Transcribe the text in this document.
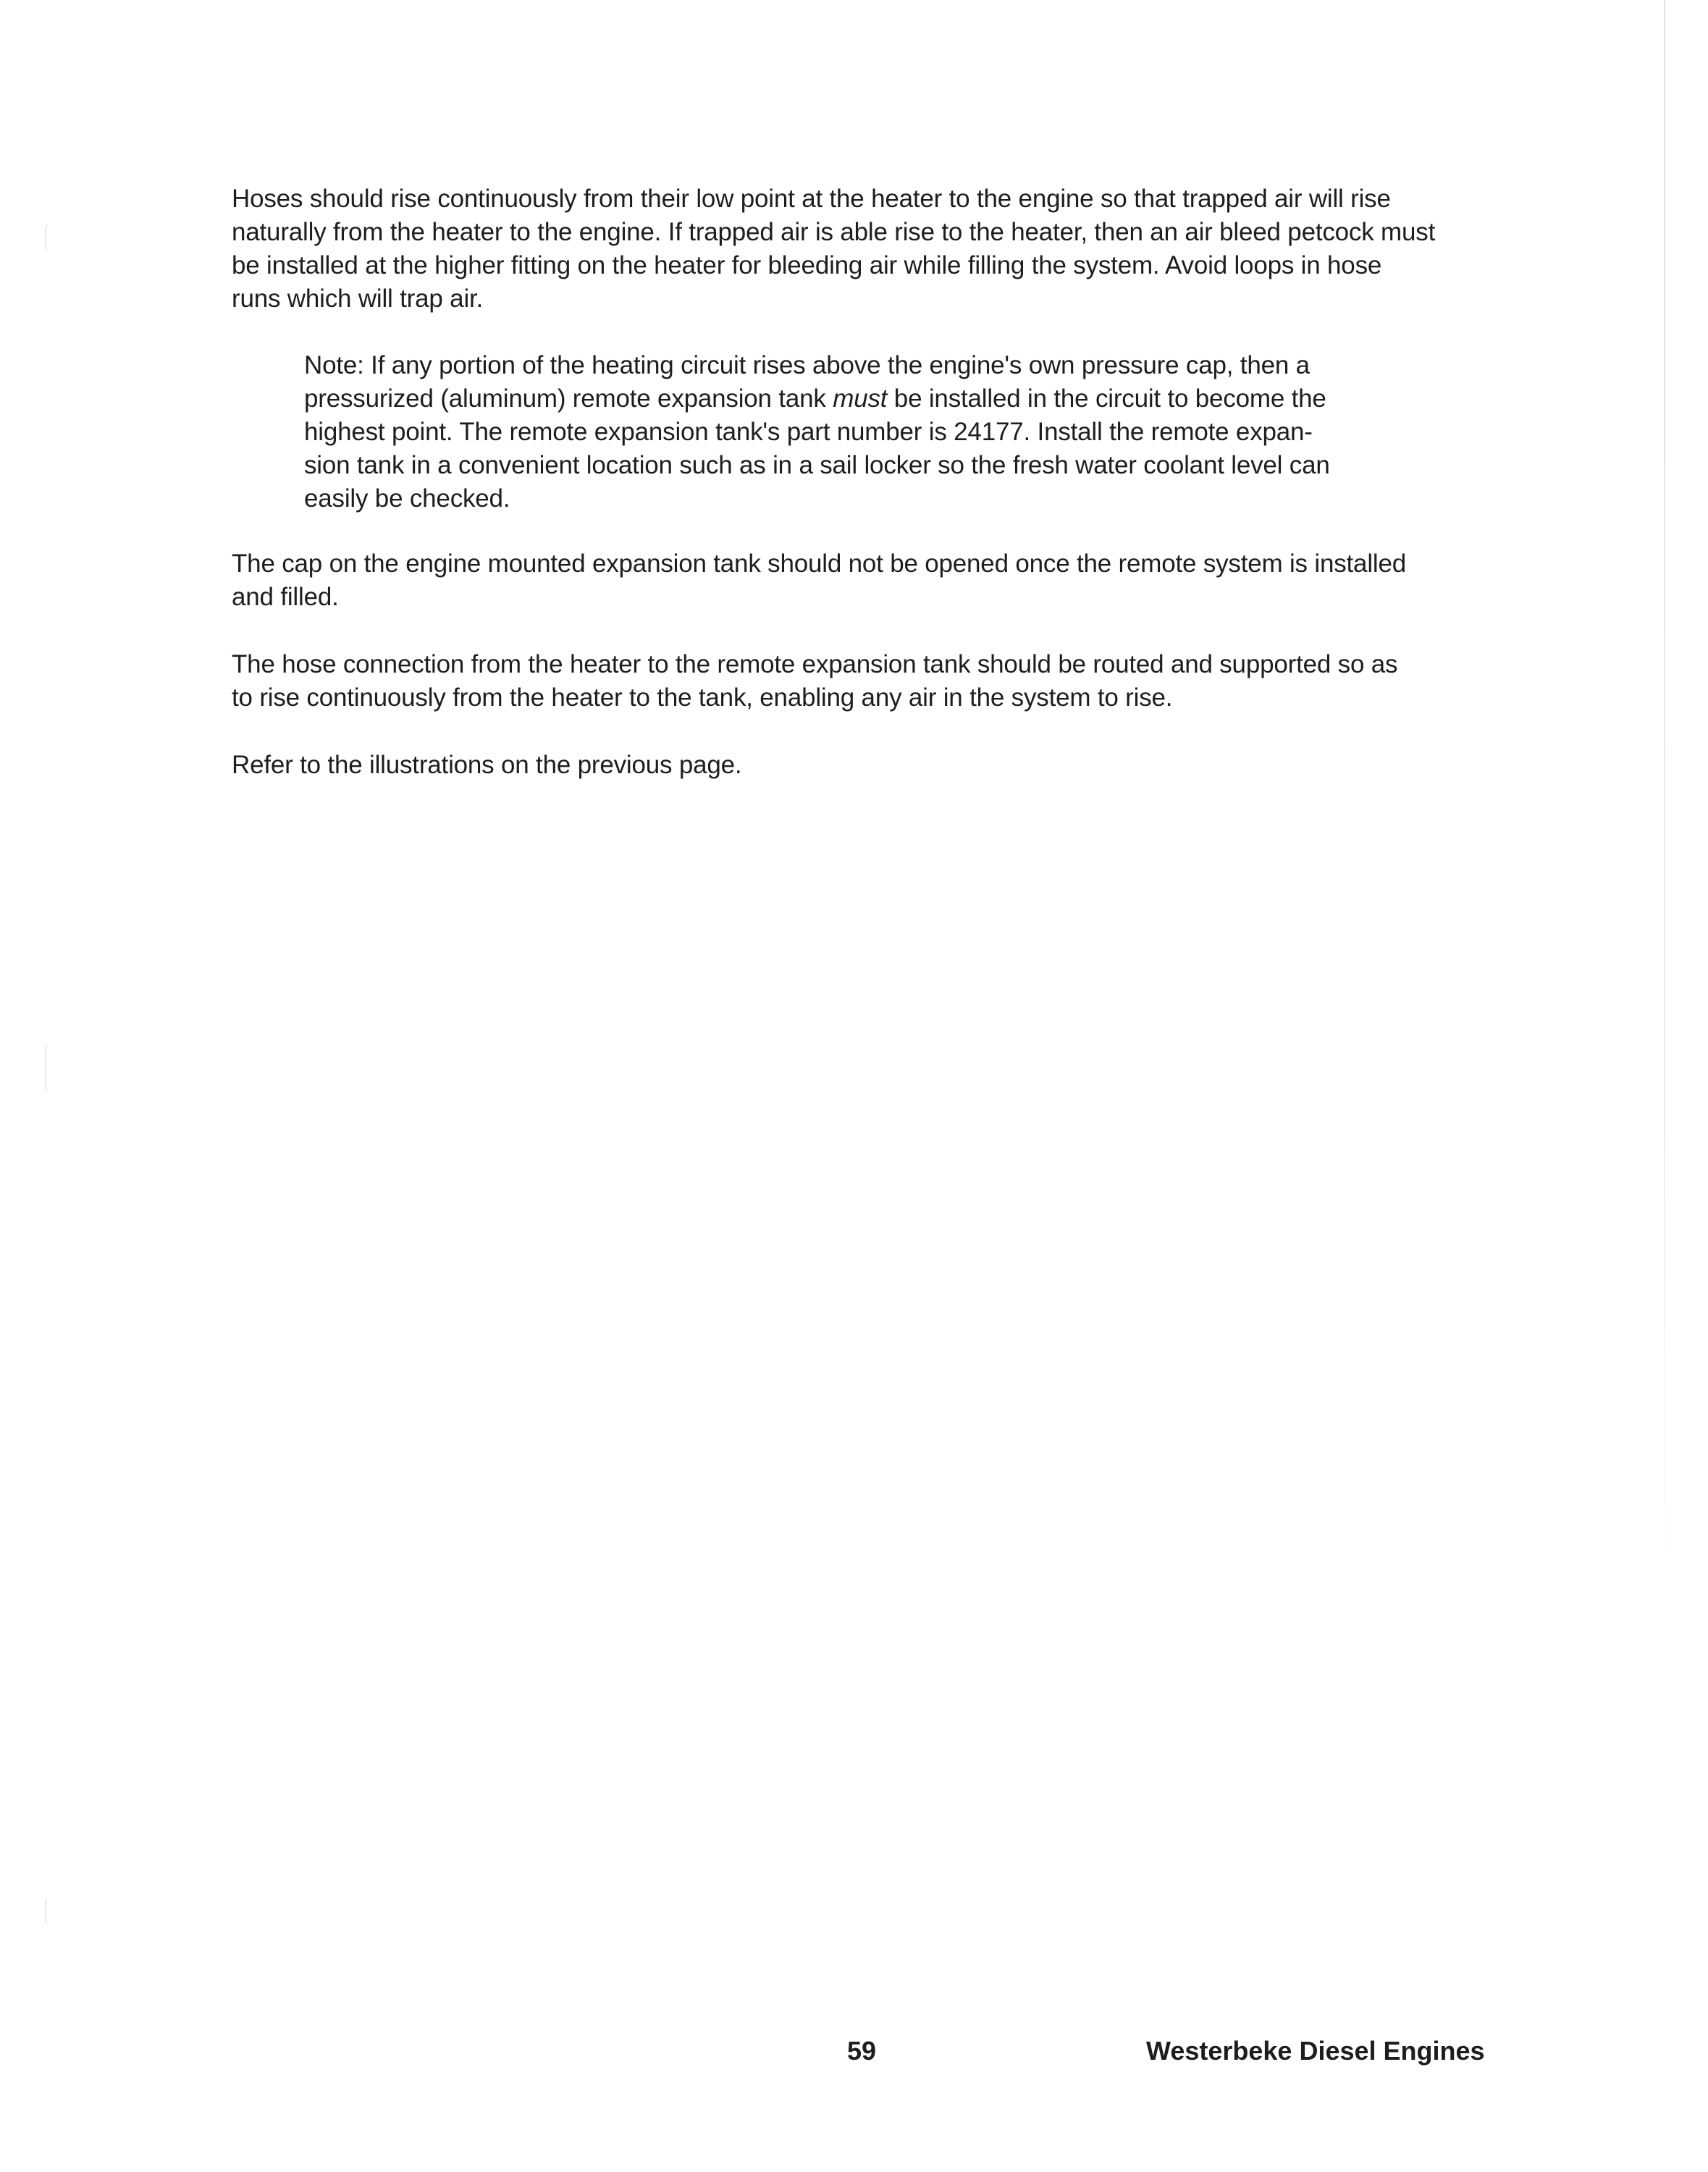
Hoses should rise continuously from their low point at the heater to the engine so that trapped air will rise
naturally from the heater to the engine. If trapped air is able rise to the heater, then an air bleed petcock must
be installed at the higher fitting on the heater for bleeding air while filling the system. Avoid loops in hose
runs which will trap air.
Note: If any portion of the heating circuit rises above the engine's own pressure cap, then a
pressurized (aluminum) remote expansion tank must be installed in the circuit to become the
highest point. The remote expansion tank's part number is 24177. Install the remote expan-
sion tank in a convenient location such as in a sail locker so the fresh water coolant level can
easily be checked.
The cap on the engine mounted expansion tank should not be opened once the remote system is installed
and filled.
The hose connection from the heater to the remote expansion tank should be routed and supported so as
to rise continuously from the heater to the tank, enabling any air in the system to rise.
Refer to the illustrations on the previous page.
59	Westerbeke Diesel Engines
